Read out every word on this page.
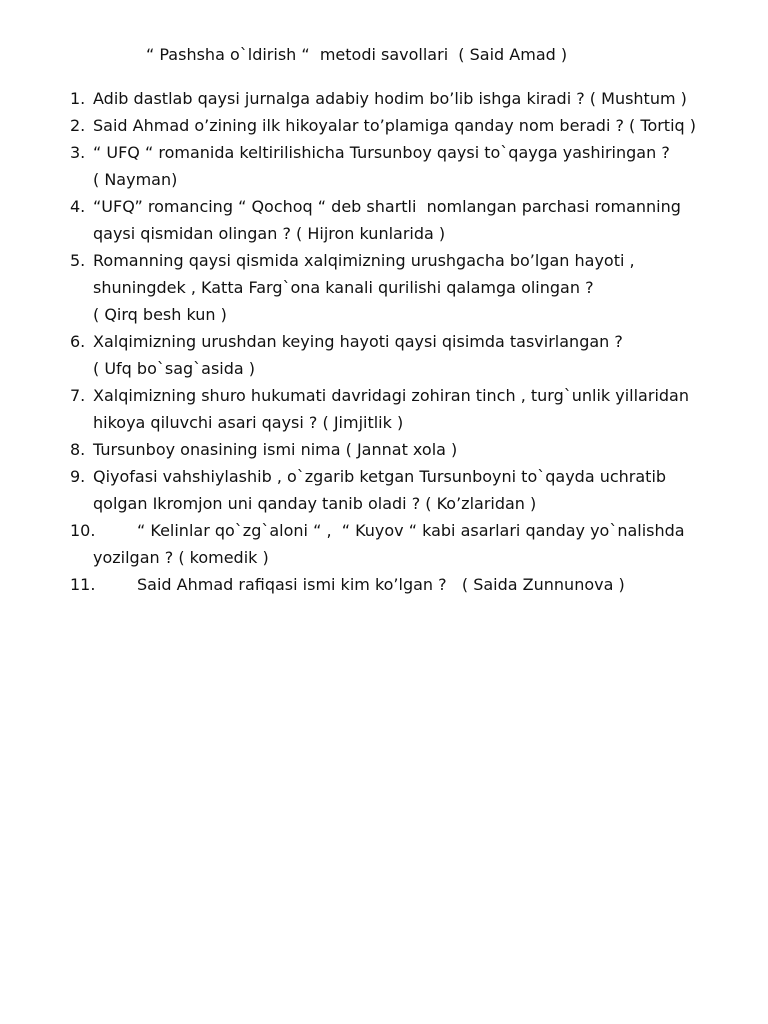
“ Pashsha o`ldirish “  metodi savollari  ( Said Amad )
1. Adib dastlab qaysi jurnalga adabiy hodim bo’lib ishga kiradi ? ( Mushtum )
2. Said Ahmad o’zining ilk hikoyalar to’plamiga qanday nom beradi ? ( Tortiq )
3. “ UFQ “ romanida keltirilishicha Tursunboy qaysi to`qayga yashiringan ?
( Nayman)
4. “UFQ” romancing “ Qochoq “ deb shartli  nomlangan parchasi romanning
qaysi qismidan olingan ? ( Hijron kunlarida )
5. Romanning qaysi qismida xalqimizning urushgacha bo’lgan hayoti ,
shuningdek , Katta Farg`ona kanali qurilishi qalamga olingan ?
( Qirq besh kun )
6. Xalqimizning urushdan keying hayoti qaysi qisimda tasvirlangan ?
( Ufq bo`sag`asida )
7. Xalqimizning shuro hukumati davridagi zohiran tinch , turg`unlik yillaridan
hikoya qiluvchi asari qaysi ? ( Jimjitlik )
8. Tursunboy onasining ismi nima ( Jannat xola )
9. Qiyofasi vahshiylashib , o`zgarib ketgan Tursunboyni to`qayda uchratib
qolgan Ikromjon uni qanday tanib oladi ? ( Ko’zlaridan )
10.	“ Kelinlar qo`zg`aloni “ ,  “ Kuyov “ kabi asarlari qanday yo`nalishda
yozilgan ? ( komedik )
11.	Said Ahmad rafiqasi ismi kim ko’lgan ?   ( Saida Zunnunova )
